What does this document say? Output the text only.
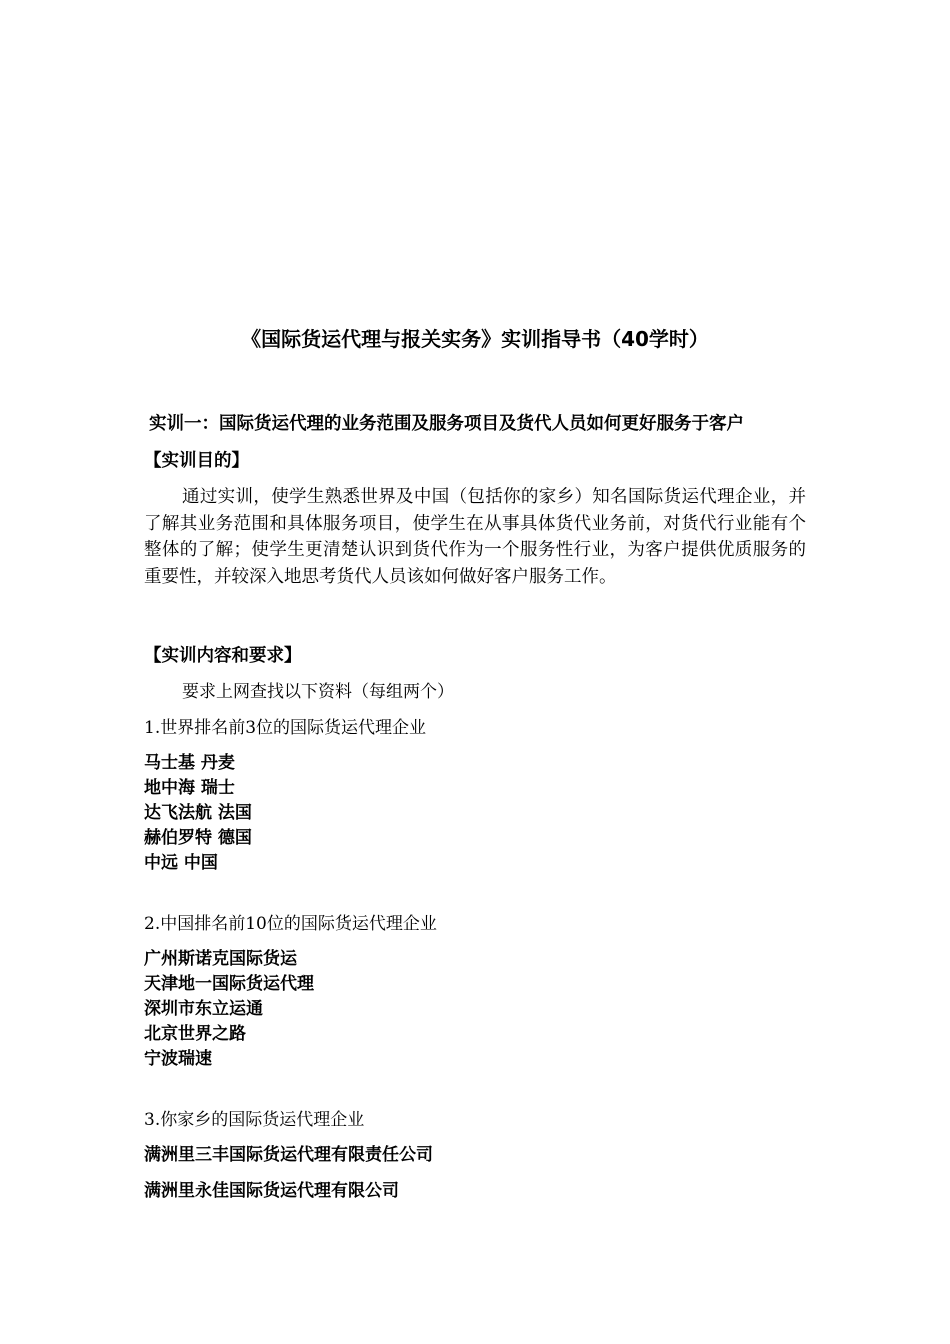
《国际货运代理与报关实务》实训指导书（40学时）
实训一：国际货运代理的业务范围及服务项目及货代人员如何更好服务于客户
【实训目的】
通过实训，使学生熟悉世界及中国（包括你的家乡）知名国际货运代理企业，并了解其业务范围和具体服务项目，使学生在从事具体货代业务前，对货代行业能有个整体的了解；使学生更清楚认识到货代作为一个服务性行业，为客户提供优质服务的重要性，并较深入地思考货代人员该如何做好客户服务工作。
【实训内容和要求】
要求上网查找以下资料（每组两个）
1.世界排名前3位的国际货运代理企业
马士基 丹麦
地中海 瑞士
达飞法航 法国
赫伯罗特 德国
中远 中国
2.中国排名前10位的国际货运代理企业
广州斯诺克国际货运
天津地一国际货运代理
深圳市东立运通
北京世界之路
宁波瑞速
3.你家乡的国际货运代理企业
满洲里三丰国际货运代理有限责任公司
满洲里永佳国际货运代理有限公司
